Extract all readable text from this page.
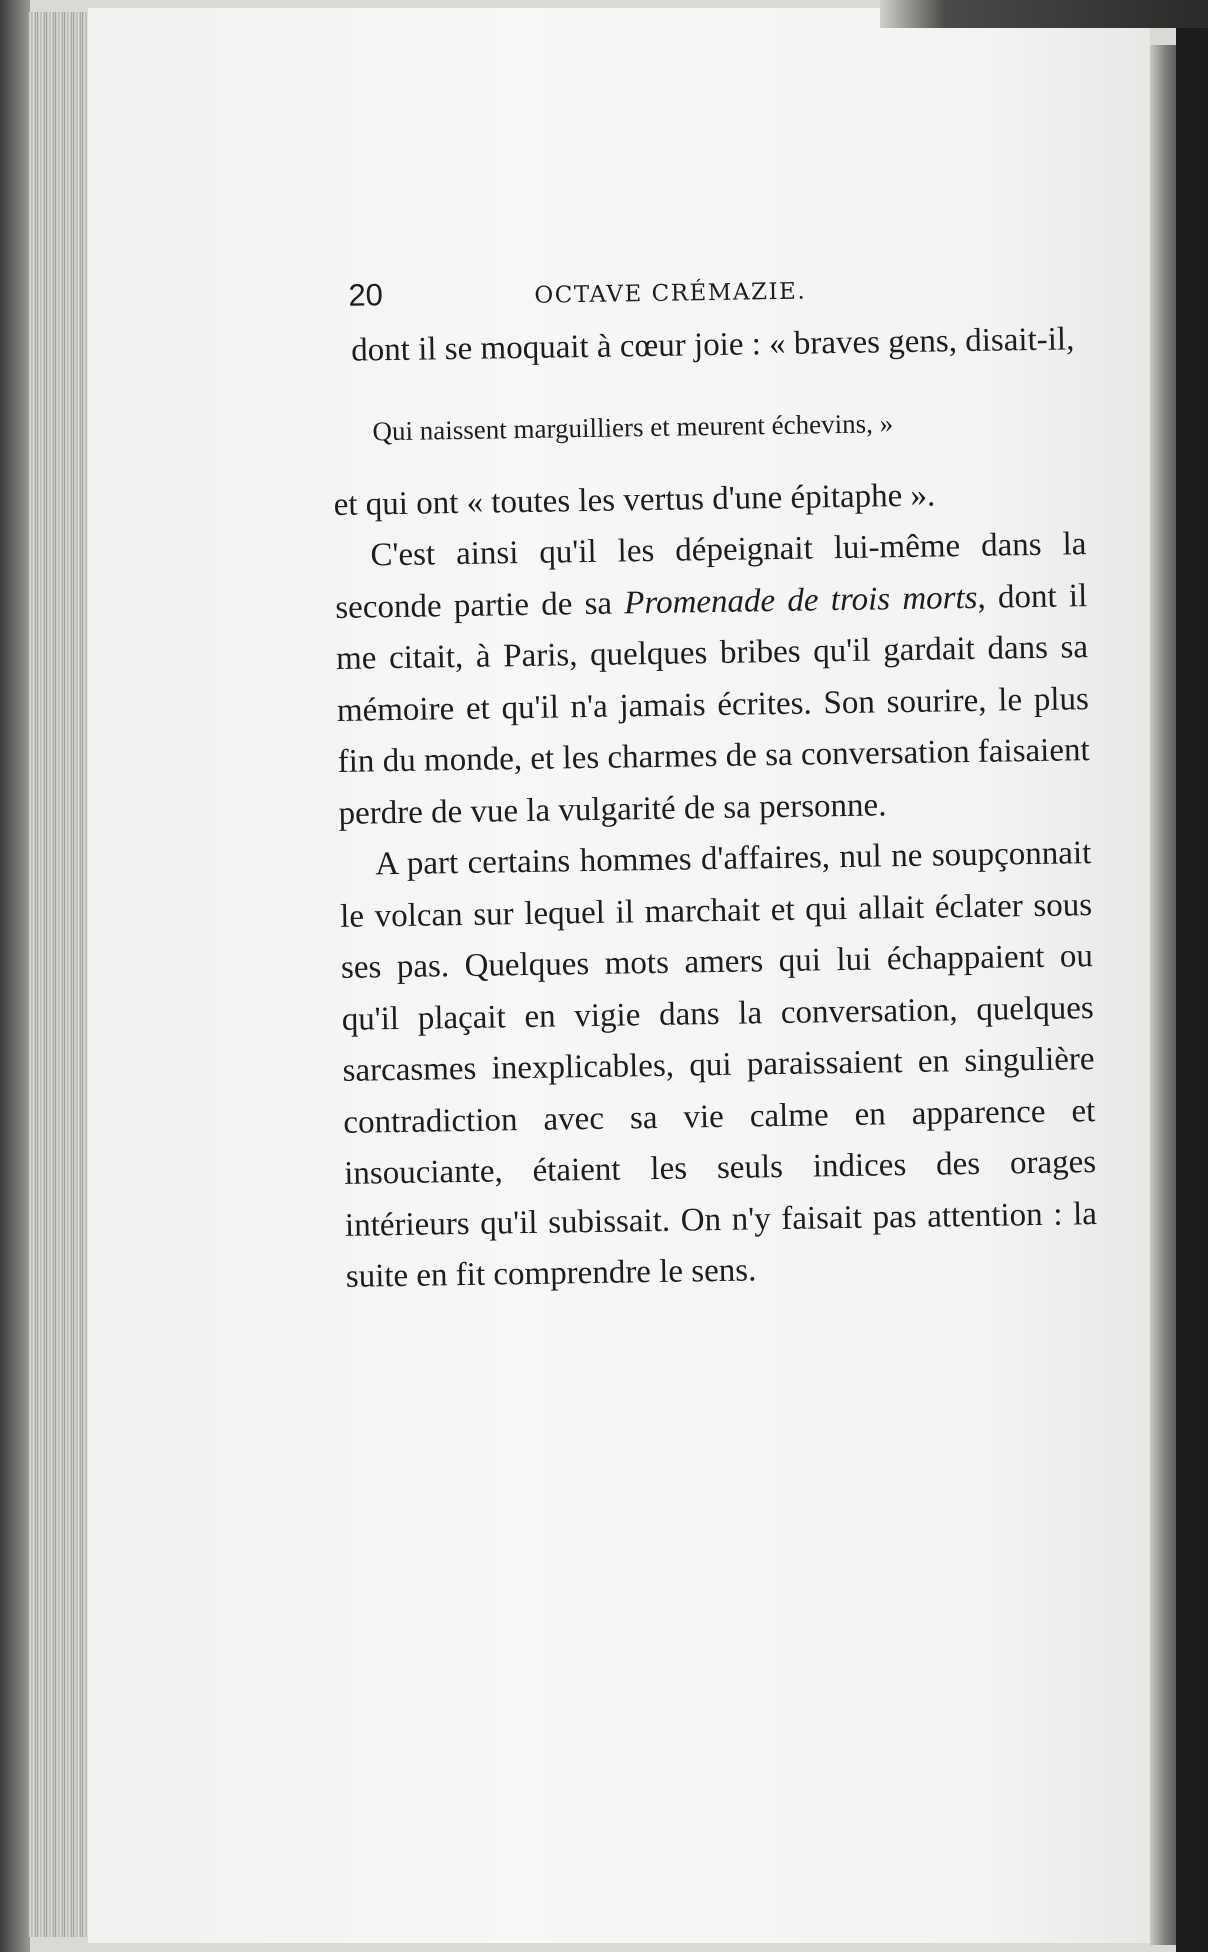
20	OCTAVE CRÉMAZIE.

dont il se moquait à cœur joie : « braves gens, disait-il,

Qui naissent marguilliers et meurent échevins, »

et qui ont « toutes les vertus d'une épitaphe ».

C'est ainsi qu'il les dépeignait lui-même dans la seconde partie de sa Promenade de trois morts, dont il me citait, à Paris, quelques bribes qu'il gardait dans sa mémoire et qu'il n'a jamais écrites. Son sourire, le plus fin du monde, et les charmes de sa conversation faisaient perdre de vue la vulgarité de sa personne.

A part certains hommes d'affaires, nul ne soupçonnait le volcan sur lequel il marchait et qui allait éclater sous ses pas. Quelques mots amers qui lui échappaient ou qu'il plaçait en vigie dans la conversation, quelques sarcasmes inexplicables, qui paraissaient en singulière contradiction avec sa vie calme en apparence et insouciante, étaient les seuls indices des orages intérieurs qu'il subissait. On n'y faisait pas attention : la suite en fit comprendre le sens.
